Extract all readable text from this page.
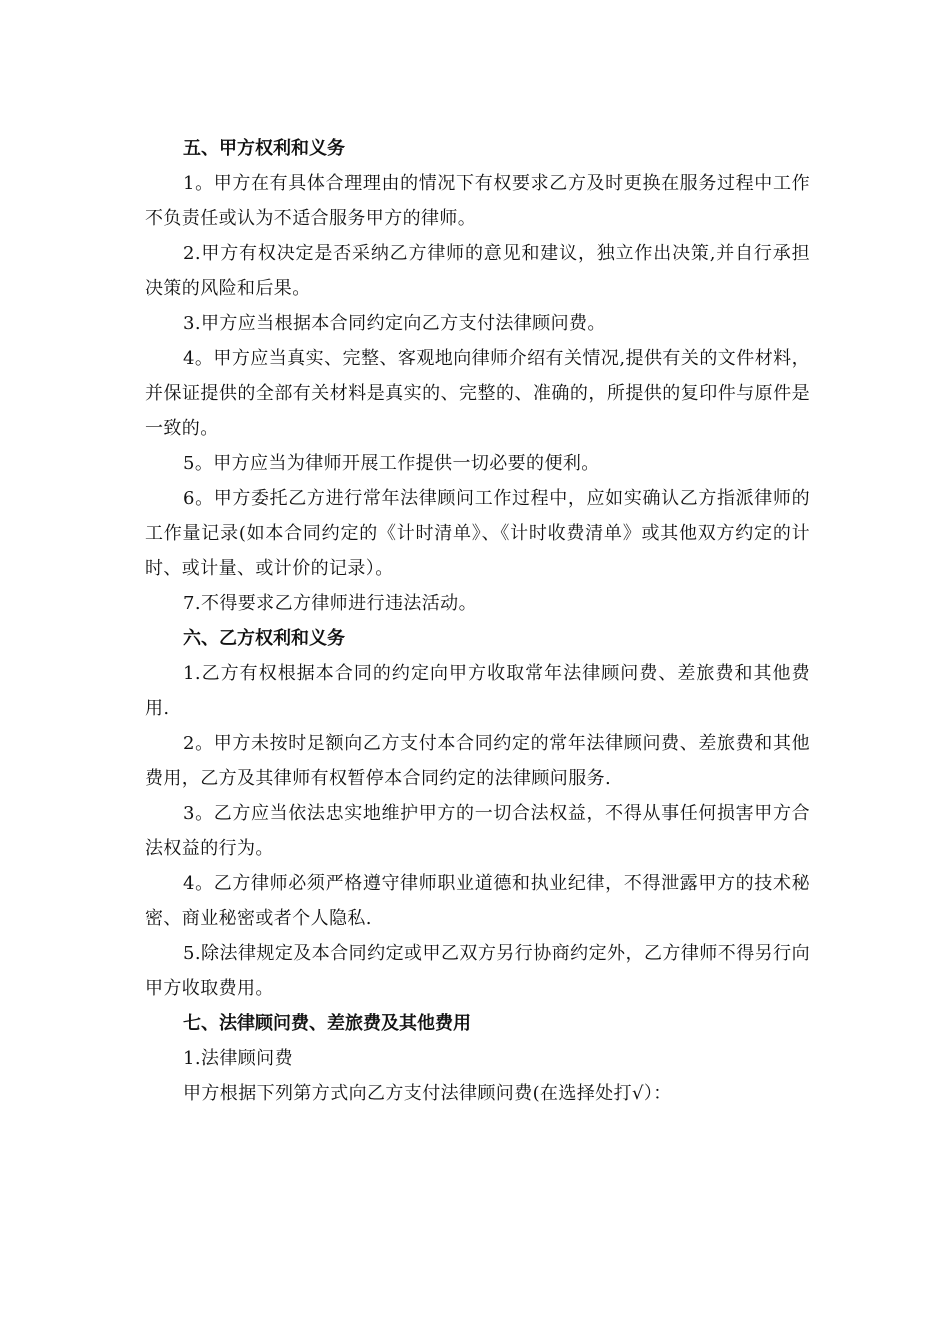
五、甲方权利和义务

1。甲方在有具体合理理由的情况下有权要求乙方及时更换在服务过程中工作不负责任或认为不适合服务甲方的律师。

2.甲方有权决定是否采纳乙方律师的意见和建议，独立作出决策,并自行承担决策的风险和后果。

3.甲方应当根据本合同约定向乙方支付法律顾问费。

4。甲方应当真实、完整、客观地向律师介绍有关情况,提供有关的文件材料，并保证提供的全部有关材料是真实的、完整的、准确的，所提供的复印件与原件是一致的。

5。甲方应当为律师开展工作提供一切必要的便利。

6。甲方委托乙方进行常年法律顾问工作过程中，应如实确认乙方指派律师的工作量记录(如本合同约定的《计时清单》、《计时收费清单》或其他双方约定的计时、或计量、或计价的记录）。

7.不得要求乙方律师进行违法活动。

六、乙方权利和义务

1.乙方有权根据本合同的约定向甲方收取常年法律顾问费、差旅费和其他费用.

2。甲方未按时足额向乙方支付本合同约定的常年法律顾问费、差旅费和其他费用，乙方及其律师有权暂停本合同约定的法律顾问服务.

3。乙方应当依法忠实地维护甲方的一切合法权益，不得从事任何损害甲方合法权益的行为。

4。乙方律师必须严格遵守律师职业道德和执业纪律，不得泄露甲方的技术秘密、商业秘密或者个人隐私.

5.除法律规定及本合同约定或甲乙双方另行协商约定外，乙方律师不得另行向甲方收取费用。

七、法律顾问费、差旅费及其他费用

1.法律顾问费

甲方根据下列第方式向乙方支付法律顾问费(在选择处打√）：
